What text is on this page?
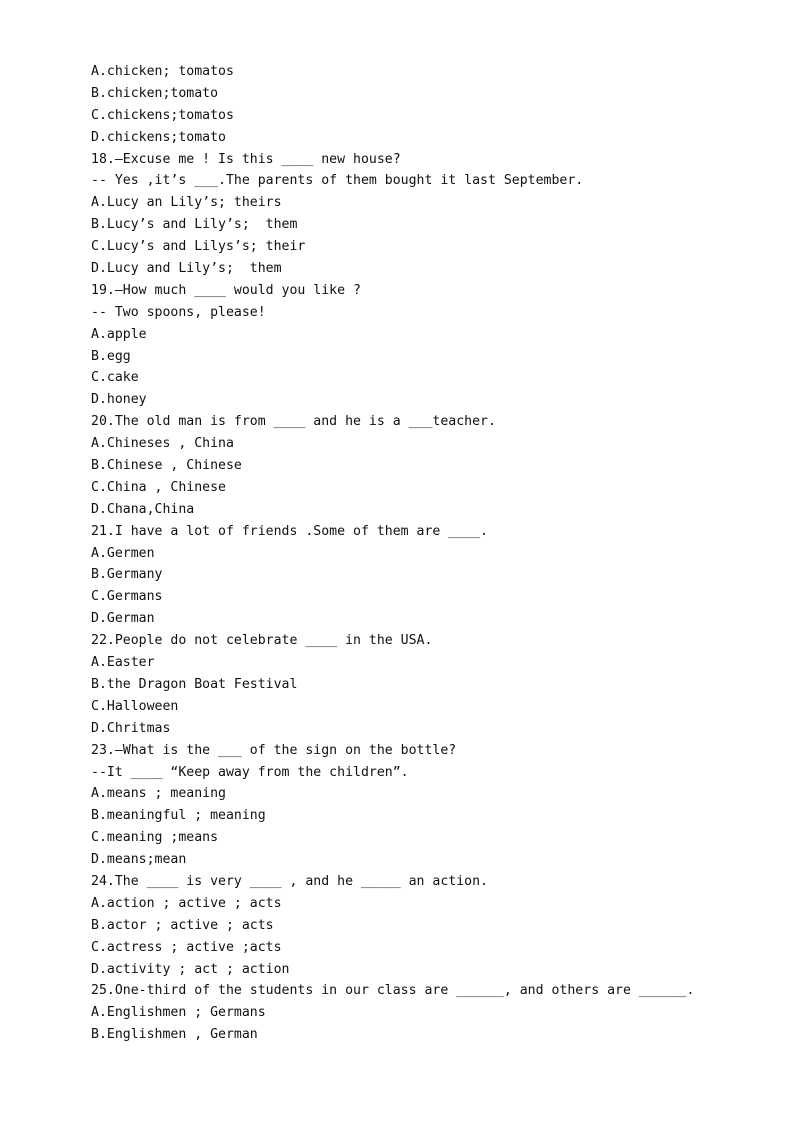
A.chicken; tomatos
B.chicken;tomato
C.chickens;tomatos
D.chickens;tomato
18.—Excuse me ! Is this ____ new house?
-- Yes ,it’s ___.The parents of them bought it last September.
A.Lucy an Lily’s; theirs
B.Lucy’s and Lily’s;  them
C.Lucy’s and Lilys’s; their
D.Lucy and Lily’s;  them
19.—How much ____ would you like ?
-- Two spoons, please!
A.apple
B.egg
C.cake
D.honey
20.The old man is from ____ and he is a ___teacher.
A.Chineses , China
B.Chinese , Chinese
C.China , Chinese
D.Chana,China
21.I have a lot of friends .Some of them are ____.
A.Germen
B.Germany
C.Germans
D.German
22.People do not celebrate ____ in the USA.
A.Easter
B.the Dragon Boat Festival
C.Halloween
D.Chritmas
23.—What is the ___ of the sign on the bottle?
--It ____ “Keep away from the children”.
A.means ; meaning
B.meaningful ; meaning
C.meaning ;means
D.means;mean
24.The ____ is very ____ , and he _____ an action.
A.action ; active ; acts
B.actor ; active ; acts
C.actress ; active ;acts
D.activity ; act ; action
25.One-third of the students in our class are ______, and others are ______.
A.Englishmen ; Germans
B.Englishmen , German
